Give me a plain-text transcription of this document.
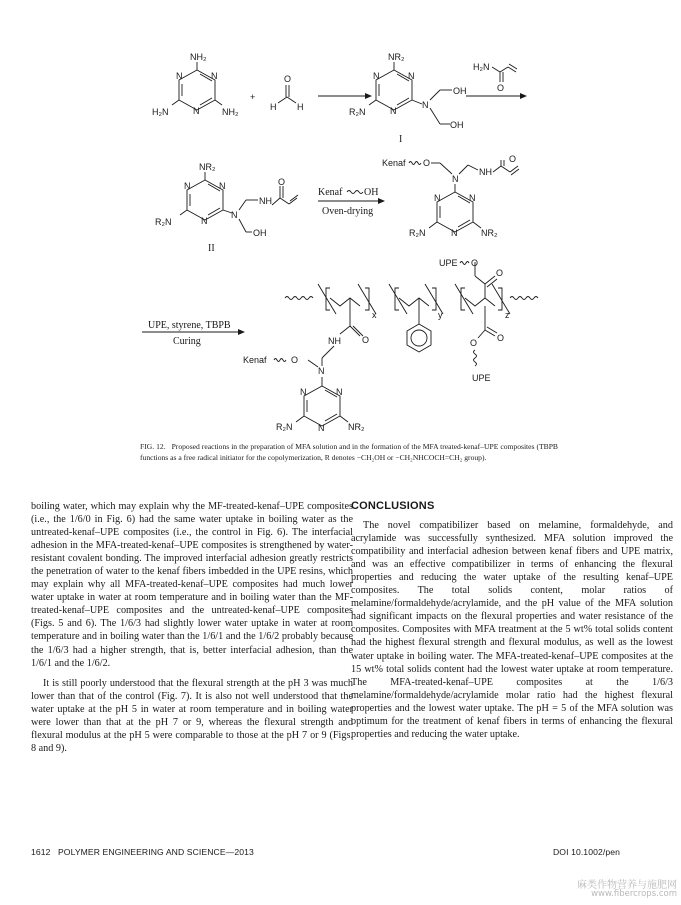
NH₂
NH₂
H₂N
N
N
N
+
O
H H
NR₂
R₂N
N
OH
OH
N
N
N
I
H₂N
O
NR₂
R₂N
N
NH
O
OH
N
N
N
II
Kenaf OH
Oven-drying
Kenaf O
N
NH
O
N
N
N
NR₂
R₂N
UPE, styrene, TBPB
Curing
x	y	z
O
NH
N
O
Kenaf
N
N
N
NR₂
R₂N
O
O
UPE
O
O
UPE
FIG. 12. Proposed reactions in the preparation of MFA solution and in the formation of the MFA treated-kenaf–UPE composites (TBPB functions as a free radical initiator for the copolymerization, R denotes −CH₂OH or −CH₂NHCOCH=CH₂ group).

boiling water, which may explain why the MF-treated-kenaf–UPE composites (i.e., the 1/6/0 in Fig. 6) had the same water uptake in boiling water as the untreated-kenaf–UPE composites (i.e., the control in Fig. 6). The interfacial adhesion in the MFA-treated-kenaf–UPE composites is strengthened by water-resistant covalent bonding. The improved interfacial adhesion greatly restricts the penetration of water to the kenaf fibers imbedded in the UPE resins, which may explain why all MFA-treated-kenaf–UPE composites had much lower water uptake in water at room temperature and in boiling water than the MF-treated-kenaf–UPE composites and the untreated-kenaf–UPE composites (Figs. 5 and 6). The 1/6/3 had slightly lower water uptake in water at room temperature and in boiling water than the 1/6/1 and the 1/6/2 probably because the 1/6/3 had a higher strength, that is, better interfacial adhesion, than the 1/6/1 and the 1/6/2.

It is still poorly understood that the flexural strength at the pH 3 was much lower than that of the control (Fig. 7). It is also not well understood that the water uptake at the pH 5 in water at room temperature and in boiling water were lower than that at the pH 7 or 9, whereas the flexural strength and flexural modulus at the pH 5 were comparable to those at the pH 7 or 9 (Figs. 8 and 9).

CONCLUSIONS

The novel compatibilizer based on melamine, formaldehyde, and acrylamide was successfully synthesized. MFA solution improved the compatibility and interfacial adhesion between kenaf fibers and UPE matrix, and was an effective compatibilizer in terms of enhancing the flexural properties and reducing the water uptake of the resulting kenaf–UPE composites. The total solids content, molar ratios of melamine/formaldehyde/acrylamide, and the pH value of the MFA solution had significant impacts on the flexural properties and water resistance of the composites. Composites with MFA treatment at the 5 wt% total solids content had the highest flexural strength and flexural modulus, as well as the lowest water uptake in boiling water. The MFA-treated-kenaf–UPE composites at the 15 wt% total solids content had the lowest water uptake at room temperature. The MFA-treated-kenaf–UPE composites at the 1/6/3 melamine/formaldehyde/acrylamide molar ratio had the highest flexural properties and the lowest water uptake. The pH = 5 of the MFA solution was optimum for the treatment of kenaf fibers in terms of enhancing the flexural properties and reducing the water uptake.

1612   POLYMER ENGINEERING AND SCIENCE—2013	DOI 10.1002/pen
麻类作物营养与施肥网
www.fibercrops.com
